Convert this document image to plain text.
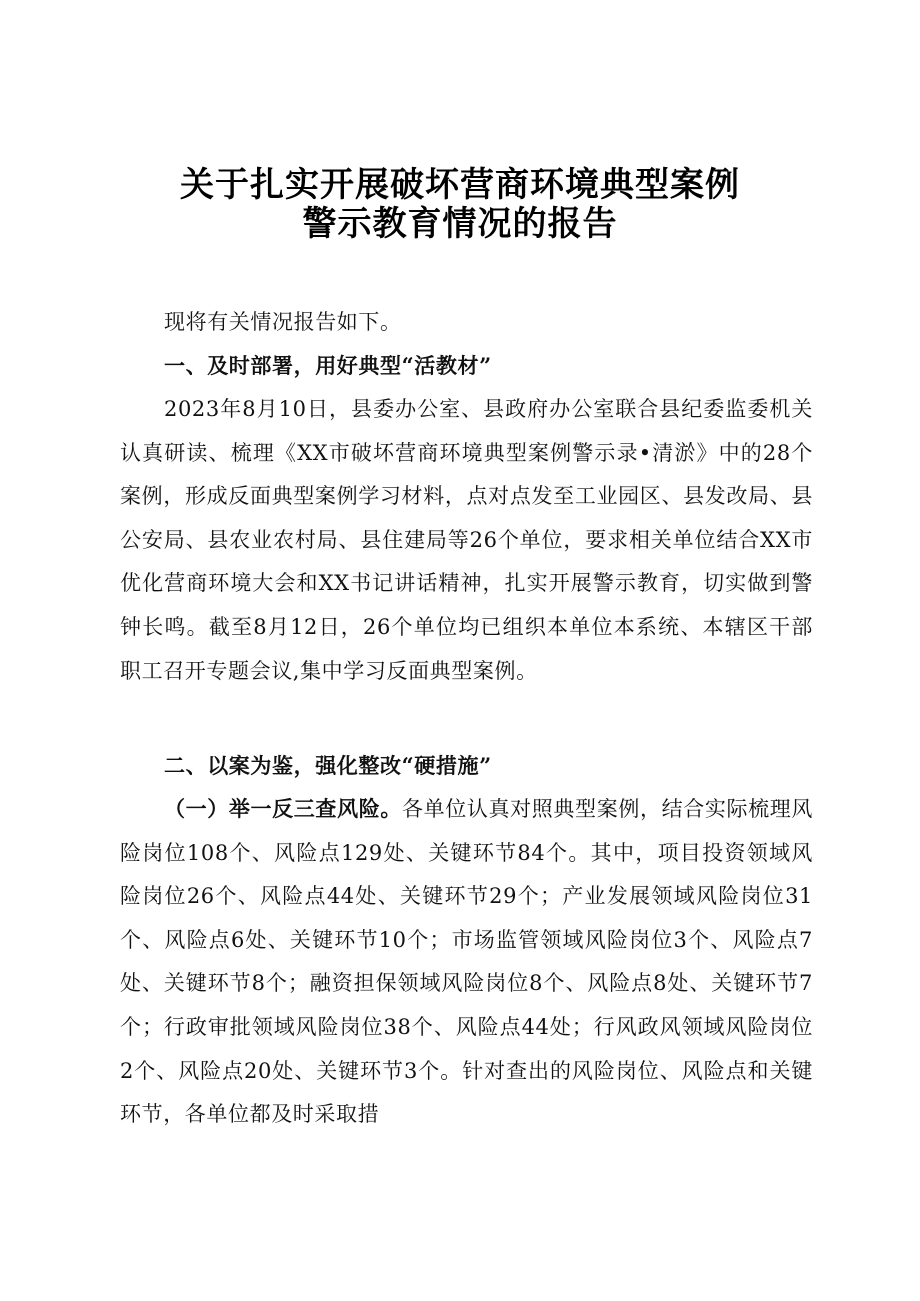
关于扎实开展破坏营商环境典型案例
警示教育情况的报告

现将有关情况报告如下。

一、及时部署，用好典型“活教材”

2023年8月10日，县委办公室、县政府办公室联合县纪委监委机关认真研读、梳理《XX市破坏营商环境典型案例警示录•清淤》中的28个案例，形成反面典型案例学习材料，点对点发至工业园区、县发改局、县公安局、县农业农村局、县住建局等26个单位，要求相关单位结合XX市优化营商环境大会和XX书记讲话精神，扎实开展警示教育，切实做到警钟长鸣。截至8月12日，26个单位均已组织本单位本系统、本辖区干部职工召开专题会议,集中学习反面典型案例。

二、以案为鉴，强化整改“硬措施”

（一）举一反三查风险。各单位认真对照典型案例，结合实际梳理风险岗位108个、风险点129处、关键环节84个。其中，项目投资领域风险岗位26个、风险点44处、关键环节29个；产业发展领域风险岗位31个、风险点6处、关键环节10个；市场监管领域风险岗位3个、风险点7处、关键环节8个；融资担保领域风险岗位8个、风险点8处、关键环节7个；行政审批领域风险岗位38个、风险点44处；行风政风领域风险岗位2个、风险点20处、关键环节3个。针对查出的风险岗位、风险点和关键环节，各单位都及时采取措
